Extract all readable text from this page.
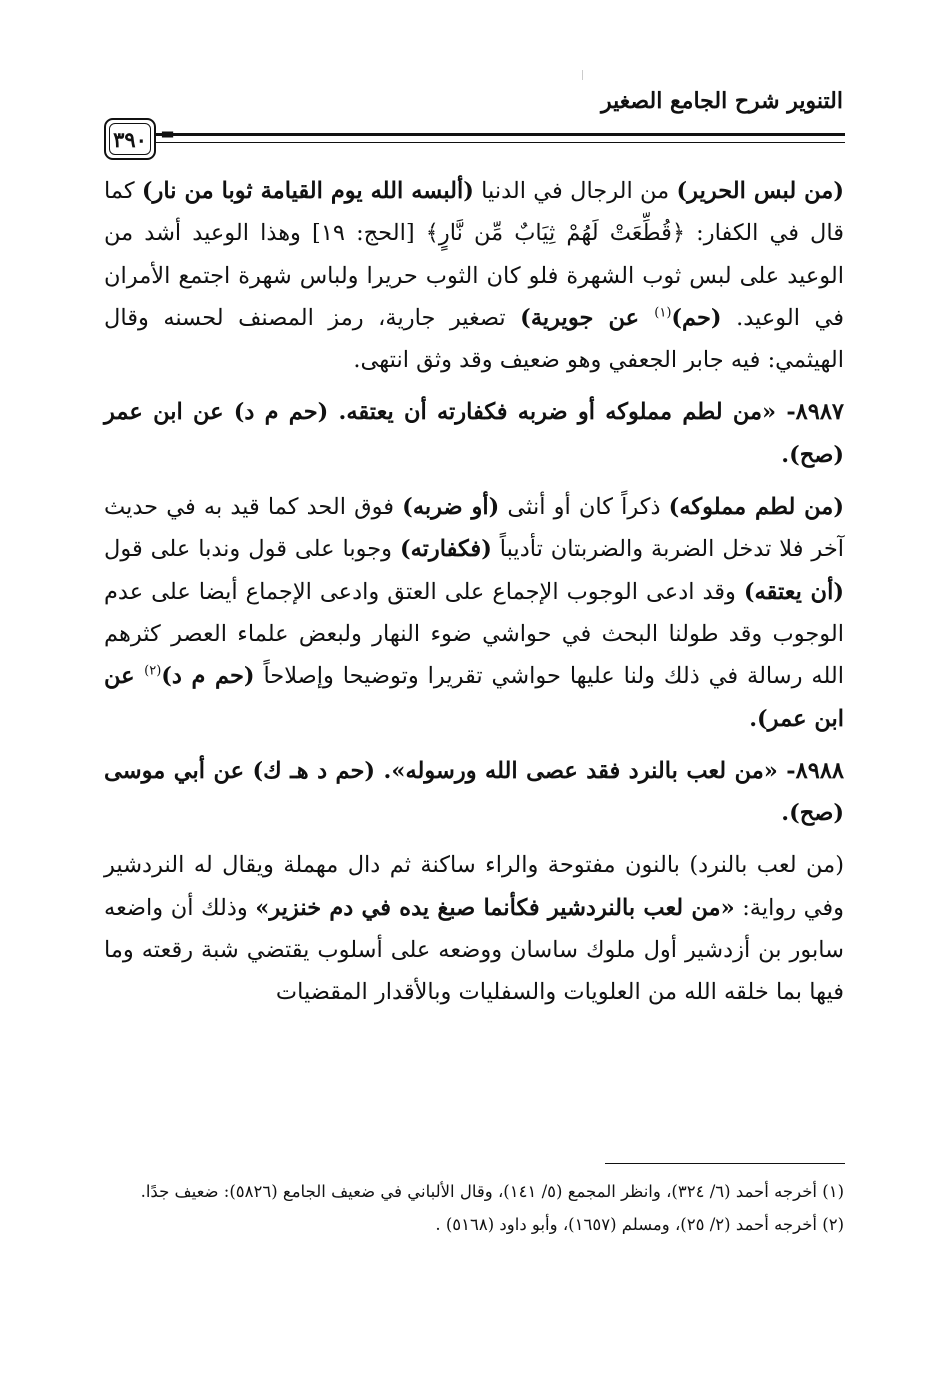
التنوير شرح الجامع الصغير
=
٣٩٠

(من لبس الحرير) من الرجال في الدنيا (ألبسه الله يوم القيامة ثوبا من نار) كما قال في الكفار: ﴿قُطِّعَتْ لَهُمْ ثِيَابٌ مِّن نَّارٍ﴾ [الحج: ١٩] وهذا الوعيد أشد من الوعيد على لبس ثوب الشهرة فلو كان الثوب حريرا ولباس شهرة اجتمع الأمران في الوعيد. (حم)$^{(١)}$ عن جويرية) تصغير جارية، رمز المصنف لحسنه وقال الهيثمي: فيه جابر الجعفي وهو ضعيف وقد وثق انتهى.

٨٩٨٧- «من لطم مملوكه أو ضربه فكفارته أن يعتقه. (حم م د) عن ابن عمر (صح).

(من لطم مملوكه) ذكراً كان أو أنثى (أو ضربه) فوق الحد كما قيد به في حديث آخر فلا تدخل الضربة والضربتان تأديباً (فكفارته) وجوبا على قول وندبا على قول (أن يعتقه) وقد ادعى الوجوب الإجماع على العتق وادعى الإجماع أيضا على عدم الوجوب وقد طولنا البحث في حواشي ضوء النهار ولبعض علماء العصر كثرهم الله رسالة في ذلك ولنا عليها حواشي تقريرا وتوضيحا وإصلاحاً (حم م د)$^{(٢)}$ عن ابن عمر).

٨٩٨٨- «من لعب بالنرد فقد عصى الله ورسوله». (حم د هـ ك) عن أبي موسى (صح).

(من لعب بالنرد) بالنون مفتوحة والراء ساكنة ثم دال مهملة ويقال له النردشير وفي رواية: «من لعب بالنردشير فكأنما صبغ يده في دم خنزير» وذلك أن واضعه سابور بن أزدشير أول ملوك ساسان ووضعه على أسلوب يقتضي شبة رقعته وما فيها بما خلقه الله من العلويات والسفليات وبالأقدار المقضيات

(١) أخرجه أحمد (٦/ ٣٢٤)، وانظر المجمع (٥/ ١٤١)، وقال الألباني في ضعيف الجامع (٥٨٢٦): ضعيف جدًا.

(٢) أخرجه أحمد (٢/ ٢٥)، ومسلم (١٦٥٧)، وأبو داود (٥١٦٨) .
